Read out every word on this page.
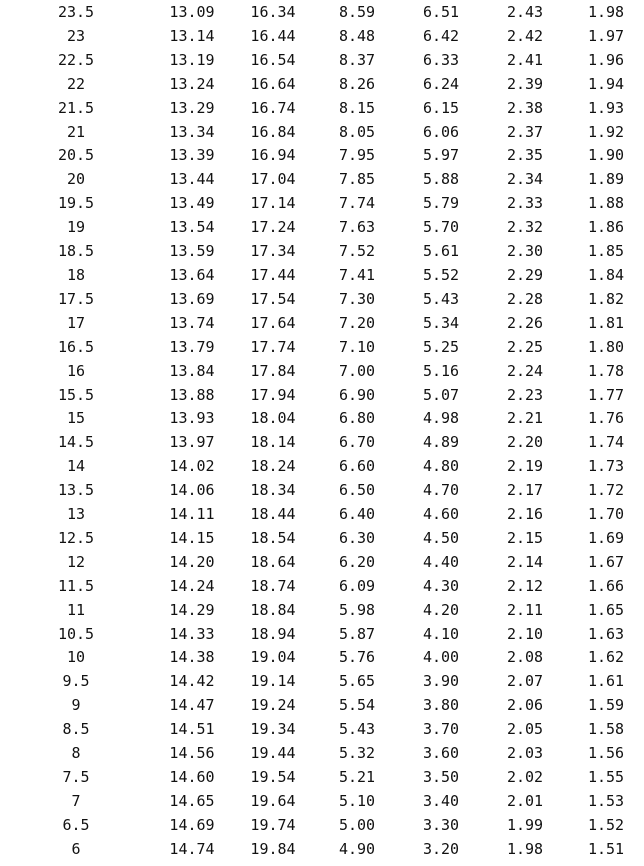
23.5	13.09	16.34	8.59	6.51	2.43	1.98
23	13.14	16.44	8.48	6.42	2.42	1.97
22.5	13.19	16.54	8.37	6.33	2.41	1.96
22	13.24	16.64	8.26	6.24	2.39	1.94
21.5	13.29	16.74	8.15	6.15	2.38	1.93
21	13.34	16.84	8.05	6.06	2.37	1.92
20.5	13.39	16.94	7.95	5.97	2.35	1.90
20	13.44	17.04	7.85	5.88	2.34	1.89
19.5	13.49	17.14	7.74	5.79	2.33	1.88
19	13.54	17.24	7.63	5.70	2.32	1.86
18.5	13.59	17.34	7.52	5.61	2.30	1.85
18	13.64	17.44	7.41	5.52	2.29	1.84
17.5	13.69	17.54	7.30	5.43	2.28	1.82
17	13.74	17.64	7.20	5.34	2.26	1.81
16.5	13.79	17.74	7.10	5.25	2.25	1.80
16	13.84	17.84	7.00	5.16	2.24	1.78
15.5	13.88	17.94	6.90	5.07	2.23	1.77
15	13.93	18.04	6.80	4.98	2.21	1.76
14.5	13.97	18.14	6.70	4.89	2.20	1.74
14	14.02	18.24	6.60	4.80	2.19	1.73
13.5	14.06	18.34	6.50	4.70	2.17	1.72
13	14.11	18.44	6.40	4.60	2.16	1.70
12.5	14.15	18.54	6.30	4.50	2.15	1.69
12	14.20	18.64	6.20	4.40	2.14	1.67
11.5	14.24	18.74	6.09	4.30	2.12	1.66
11	14.29	18.84	5.98	4.20	2.11	1.65
10.5	14.33	18.94	5.87	4.10	2.10	1.63
10	14.38	19.04	5.76	4.00	2.08	1.62
9.5	14.42	19.14	5.65	3.90	2.07	1.61
9	14.47	19.24	5.54	3.80	2.06	1.59
8.5	14.51	19.34	5.43	3.70	2.05	1.58
8	14.56	19.44	5.32	3.60	2.03	1.56
7.5	14.60	19.54	5.21	3.50	2.02	1.55
7	14.65	19.64	5.10	3.40	2.01	1.53
6.5	14.69	19.74	5.00	3.30	1.99	1.52
6	14.74	19.84	4.90	3.20	1.98	1.51
